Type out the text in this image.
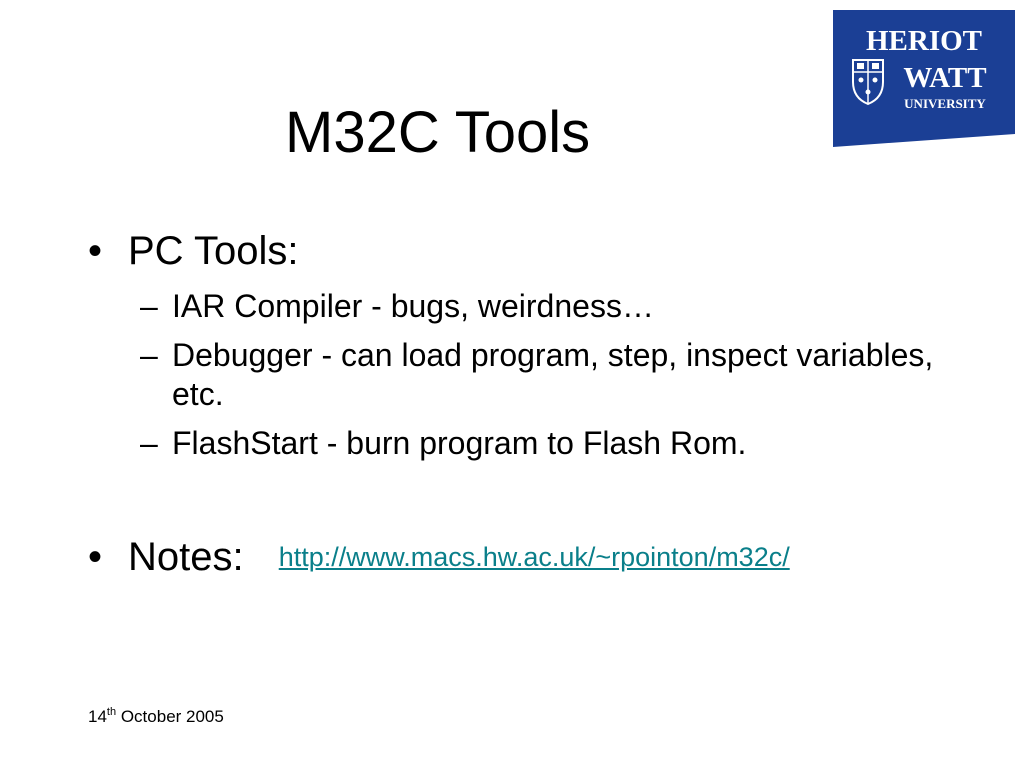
M32C Tools
HERIOT
WATT
UNIVERSITY
• PC Tools:
– IAR Compiler - bugs, weirdness…
– Debugger - can load program, step, inspect variables, etc.
– FlashStart - burn program to Flash Rom.
• Notes: http://www.macs.hw.ac.uk/~rpointon/m32c/
14th October 2005
